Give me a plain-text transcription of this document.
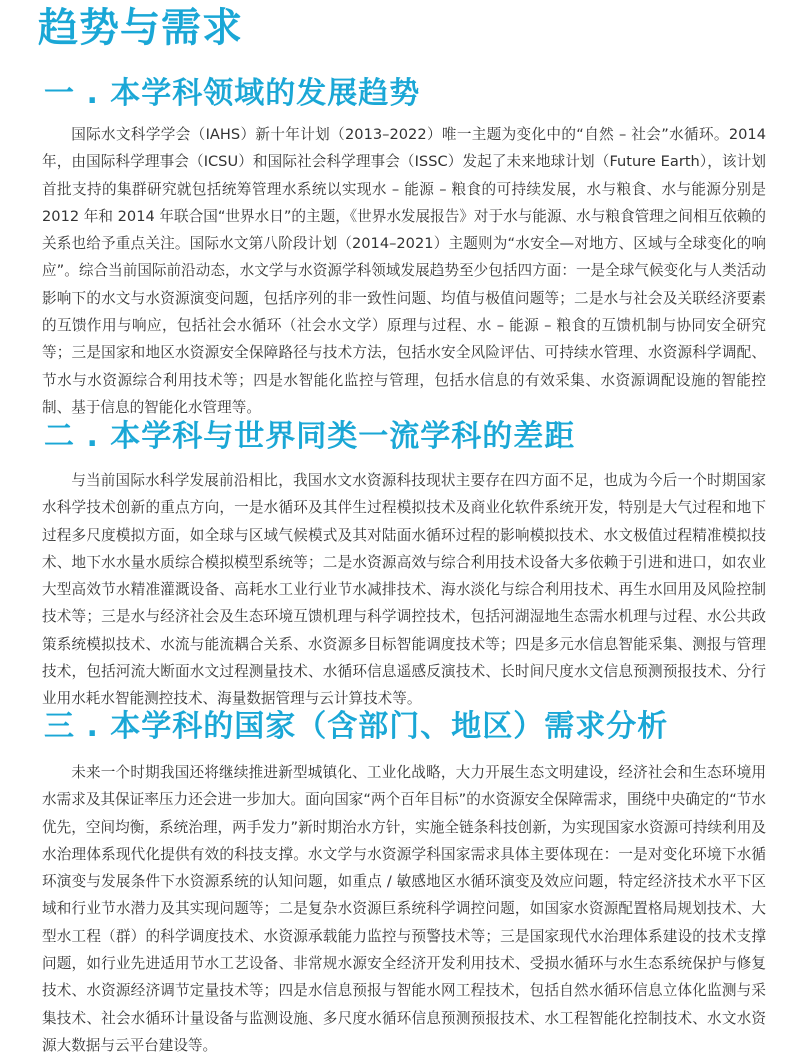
趋势与需求
一 . 本学科领域的发展趋势

国际水文科学学会（IAHS）新十年计划（2013–2022）唯一主题为变化中的“自然 – 社会”水循环。2014年，由国际科学理事会（ICSU）和国际社会科学理事会（ISSC）发起了未来地球计划（Future Earth），该计划首批支持的集群研究就包括统筹管理水系统以实现水 – 能源 – 粮食的可持续发展，水与粮食、水与能源分别是 2012 年和 2014 年联合国“世界水日”的主题，《世界水发展报告》对于水与能源、水与粮食管理之间相互依赖的关系也给予重点关注。国际水文第八阶段计划（2014–2021）主题则为“水安全—对地方、区域与全球变化的响应”。综合当前国际前沿动态，水文学与水资源学科领域发展趋势至少包括四方面：一是全球气候变化与人类活动影响下的水文与水资源演变问题，包括序列的非一致性问题、均值与极值问题等；二是水与社会及关联经济要素的互馈作用与响应，包括社会水循环（社会水文学）原理与过程、水 – 能源 – 粮食的互馈机制与协同安全研究等；三是国家和地区水资源安全保障路径与技术方法，包括水安全风险评估、可持续水管理、水资源科学调配、节水与水资源综合利用技术等；四是水智能化监控与管理，包括水信息的有效采集、水资源调配设施的智能控制、基于信息的智能化水管理等。

二 . 本学科与世界同类一流学科的差距

与当前国际水科学发展前沿相比，我国水文水资源科技现状主要存在四方面不足，也成为今后一个时期国家水科学技术创新的重点方向，一是水循环及其伴生过程模拟技术及商业化软件系统开发，特别是大气过程和地下过程多尺度模拟方面，如全球与区域气候模式及其对陆面水循环过程的影响模拟技术、水文极值过程精准模拟技术、地下水水量水质综合模拟模型系统等；二是水资源高效与综合利用技术设备大多依赖于引进和进口，如农业大型高效节水精准灌溉设备、高耗水工业行业节水减排技术、海水淡化与综合利用技术、再生水回用及风险控制技术等；三是水与经济社会及生态环境互馈机理与科学调控技术，包括河湖湿地生态需水机理与过程、水公共政策系统模拟技术、水流与能流耦合关系、水资源多目标智能调度技术等；四是多元水信息智能采集、测报与管理技术，包括河流大断面水文过程测量技术、水循环信息遥感反演技术、长时间尺度水文信息预测预报技术、分行业用水耗水智能测控技术、海量数据管理与云计算技术等。

三 . 本学科的国家（含部门、地区）需求分析

未来一个时期我国还将继续推进新型城镇化、工业化战略，大力开展生态文明建设，经济社会和生态环境用水需求及其保证率压力还会进一步加大。面向国家“两个百年目标”的水资源安全保障需求，围绕中央确定的“节水优先，空间均衡，系统治理，两手发力”新时期治水方针，实施全链条科技创新，为实现国家水资源可持续利用及水治理体系现代化提供有效的科技支撑。水文学与水资源学科国家需求具体主要体现在：一是对变化环境下水循环演变与发展条件下水资源系统的认知问题，如重点 / 敏感地区水循环演变及效应问题，特定经济技术水平下区域和行业节水潜力及其实现问题等；二是复杂水资源巨系统科学调控问题，如国家水资源配置格局规划技术、大型水工程（群）的科学调度技术、水资源承载能力监控与预警技术等；三是国家现代水治理体系建设的技术支撑问题，如行业先进适用节水工艺设备、非常规水源安全经济开发利用技术、受损水循环与水生态系统保护与修复技术、水资源经济调节定量技术等；四是水信息预报与智能水网工程技术，包括自然水循环信息立体化监测与采集技术、社会水循环计量设备与监测设施、多尺度水循环信息预测预报技术、水工程智能化控制技术、水文水资源大数据与云平台建设等。
